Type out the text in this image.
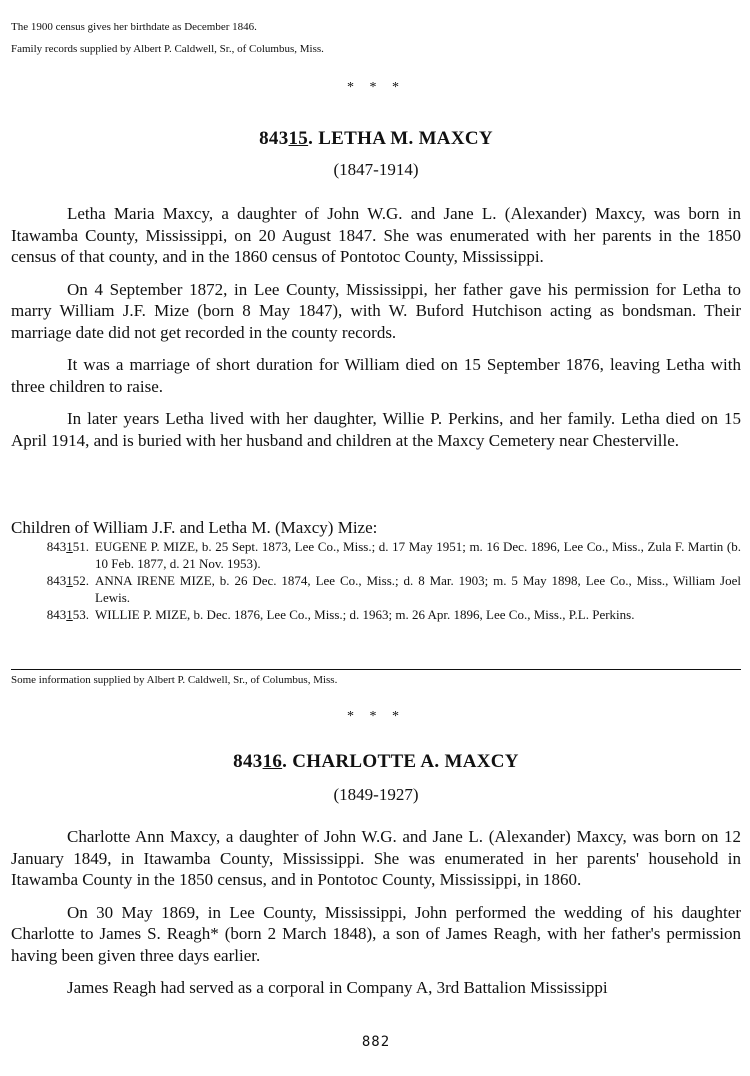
The 1900 census gives her birthdate as December 1846.

Family records supplied by Albert P. Caldwell, Sr., of Columbus, Miss.

* * *

84315. LETHA M. MAXCY

(1847-1914)

Letha Maria Maxcy, a daughter of John W.G. and Jane L. (Alexander) Maxcy, was born in Itawamba County, Mississippi, on 20 August 1847. She was enumerated with her parents in the 1850 census of that county, and in the 1860 census of Pontotoc County, Mississippi.

On 4 September 1872, in Lee County, Mississippi, her father gave his permission for Letha to marry William J.F. Mize (born 8 May 1847), with W. Buford Hutchison acting as bondsman. Their marriage date did not get recorded in the county records.

It was a marriage of short duration for William died on 15 September 1876, leaving Letha with three children to raise.

In later years Letha lived with her daughter, Willie P. Perkins, and her family. Letha died on 15 April 1914, and is buried with her husband and children at the Maxcy Cemetery near Chesterville.

Children of William J.F. and Letha M. (Maxcy) Mize:

843151. EUGENE P. MIZE, b. 25 Sept. 1873, Lee Co., Miss.; d. 17 May 1951; m. 16 Dec. 1896, Lee Co., Miss., Zula F. Martin (b. 10 Feb. 1877, d. 21 Nov. 1953).
843152. ANNA IRENE MIZE, b. 26 Dec. 1874, Lee Co., Miss.; d. 8 Mar. 1903; m. 5 May 1898, Lee Co., Miss., William Joel Lewis.
843153. WILLIE P. MIZE, b. Dec. 1876, Lee Co., Miss.; d. 1963; m. 26 Apr. 1896, Lee Co., Miss., P.L. Perkins.

Some information supplied by Albert P. Caldwell, Sr., of Columbus, Miss.

* * *

84316. CHARLOTTE A. MAXCY

(1849-1927)

Charlotte Ann Maxcy, a daughter of John W.G. and Jane L. (Alexander) Maxcy, was born on 12 January 1849, in Itawamba County, Mississippi. She was enumerated in her parents' household in Itawamba County in the 1850 census, and in Pontotoc County, Mississippi, in 1860.

On 30 May 1869, in Lee County, Mississippi, John performed the wedding of his daughter Charlotte to James S. Reagh* (born 2 March 1848), a son of James Reagh, with her father's permission having been given three days earlier.

James Reagh had served as a corporal in Company A, 3rd Battalion Mississippi

882
